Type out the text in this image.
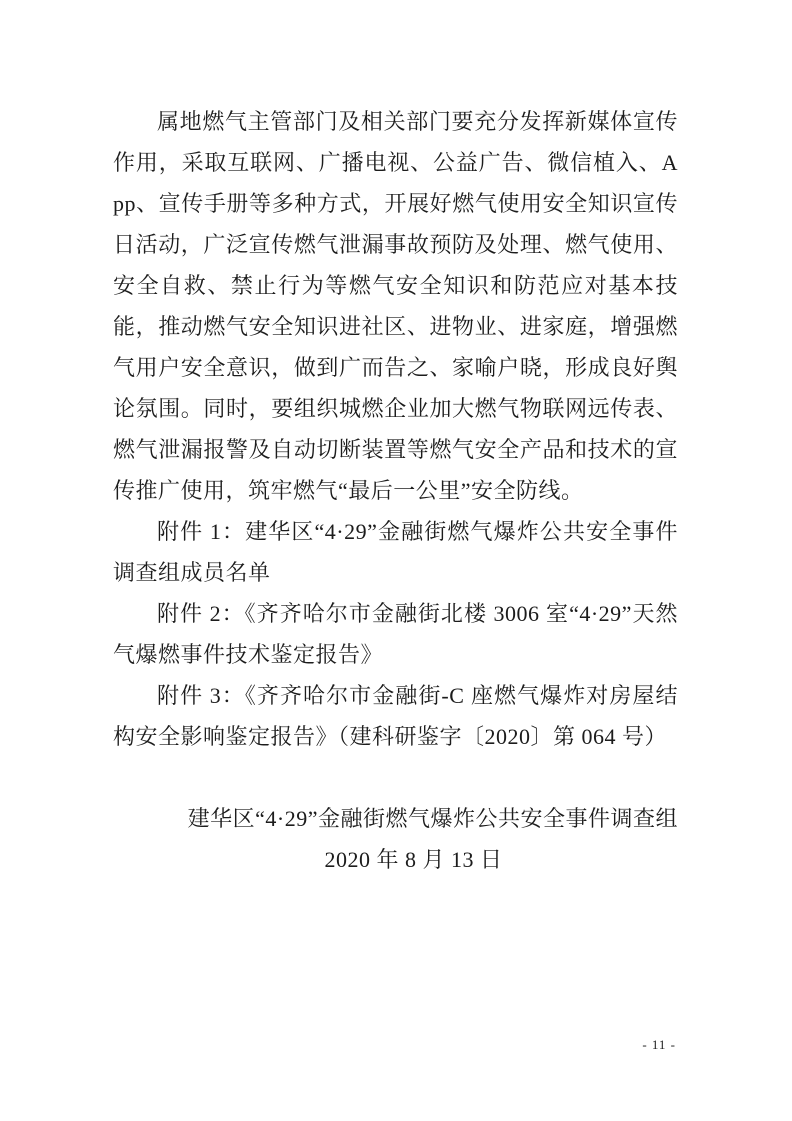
属地燃气主管部门及相关部门要充分发挥新媒体宣传作用，采取互联网、广播电视、公益广告、微信植入、App、宣传手册等多种方式，开展好燃气使用安全知识宣传日活动，广泛宣传燃气泄漏事故预防及处理、燃气使用、安全自救、禁止行为等燃气安全知识和防范应对基本技能，推动燃气安全知识进社区、进物业、进家庭，增强燃气用户安全意识，做到广而告之、家喻户晓，形成良好舆论氛围。同时，要组织城燃企业加大燃气物联网远传表、燃气泄漏报警及自动切断装置等燃气安全产品和技术的宣传推广使用，筑牢燃气“最后一公里”安全防线。

附件 1：建华区“4·29”金融街燃气爆炸公共安全事件调查组成员名单

附件 2：《齐齐哈尔市金融街北楼 3006 室“4·29”天然气爆燃事件技术鉴定报告》

附件 3：《齐齐哈尔市金融街-C 座燃气爆炸对房屋结构安全影响鉴定报告》（建科研鉴字〔2020〕第 064 号）

建华区“4·29”金融街燃气爆炸公共安全事件调查组

2020 年 8 月 13 日

- 11 -
